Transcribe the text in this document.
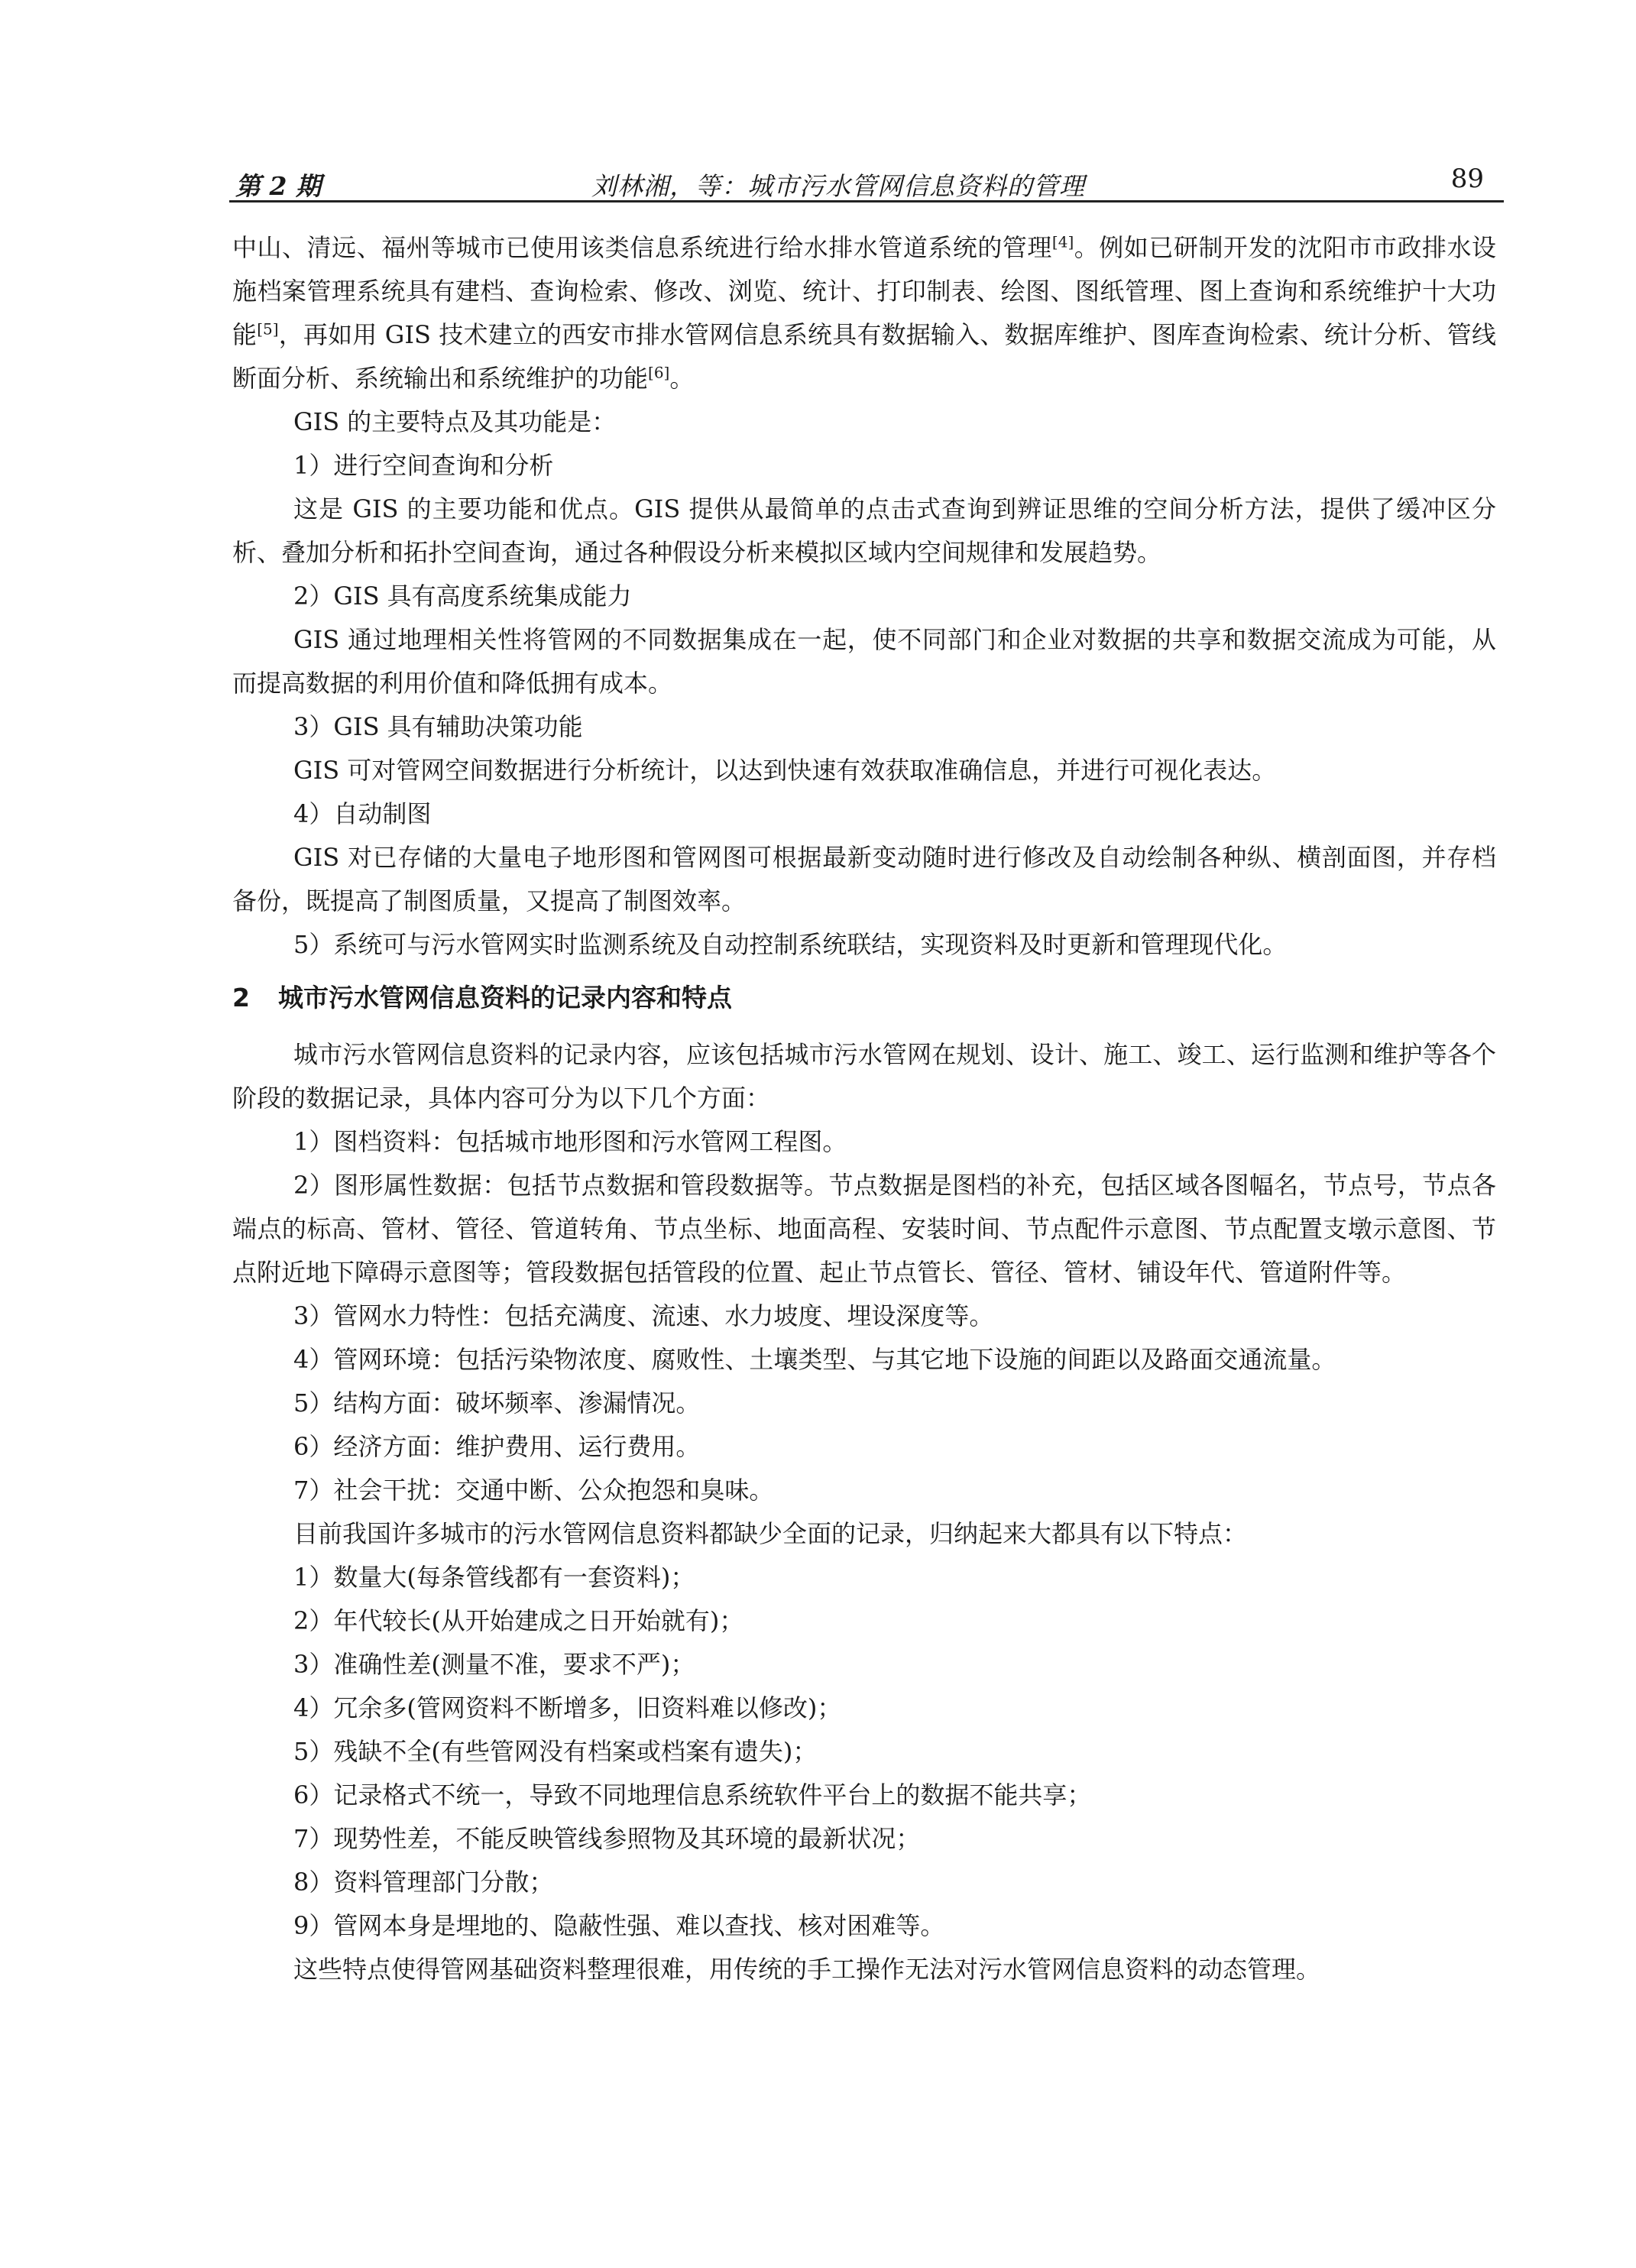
第 2 期	刘林湘，等：城市污水管网信息资料的管理	89

中山、清远、福州等城市已使用该类信息系统进行给水排水管道系统的管理[4]。例如已研制开发的沈阳市市政排水设施档案管理系统具有建档、查询检索、修改、浏览、统计、打印制表、绘图、图纸管理、图上查询和系统维护十大功能[5]，再如用 GIS 技术建立的西安市排水管网信息系统具有数据输入、数据库维护、图库查询检索、统计分析、管线断面分析、系统输出和系统维护的功能[6]。

GIS 的主要特点及其功能是：

1）进行空间查询和分析

这是 GIS 的主要功能和优点。GIS 提供从最简单的点击式查询到辨证思维的空间分析方法，提供了缓冲区分析、叠加分析和拓扑空间查询，通过各种假设分析来模拟区域内空间规律和发展趋势。

2）GIS 具有高度系统集成能力

GIS 通过地理相关性将管网的不同数据集成在一起，使不同部门和企业对数据的共享和数据交流成为可能，从而提高数据的利用价值和降低拥有成本。

3）GIS 具有辅助决策功能

GIS 可对管网空间数据进行分析统计，以达到快速有效获取准确信息，并进行可视化表达。

4）自动制图

GIS 对已存储的大量电子地形图和管网图可根据最新变动随时进行修改及自动绘制各种纵、横剖面图，并存档备份，既提高了制图质量，又提高了制图效率。

5）系统可与污水管网实时监测系统及自动控制系统联结，实现资料及时更新和管理现代化。

2 城市污水管网信息资料的记录内容和特点

城市污水管网信息资料的记录内容，应该包括城市污水管网在规划、设计、施工、竣工、运行监测和维护等各个阶段的数据记录，具体内容可分为以下几个方面：

1）图档资料：包括城市地形图和污水管网工程图。

2）图形属性数据：包括节点数据和管段数据等。节点数据是图档的补充，包括区域各图幅名，节点号，节点各端点的标高、管材、管径、管道转角、节点坐标、地面高程、安装时间、节点配件示意图、节点配置支墩示意图、节点附近地下障碍示意图等；管段数据包括管段的位置、起止节点管长、管径、管材、铺设年代、管道附件等。

3）管网水力特性：包括充满度、流速、水力坡度、埋设深度等。

4）管网环境：包括污染物浓度、腐败性、土壤类型、与其它地下设施的间距以及路面交通流量。

5）结构方面：破坏频率、渗漏情况。

6）经济方面：维护费用、运行费用。

7）社会干扰：交通中断、公众抱怨和臭味。

目前我国许多城市的污水管网信息资料都缺少全面的记录，归纳起来大都具有以下特点：

1）数量大(每条管线都有一套资料)；

2）年代较长(从开始建成之日开始就有)；

3）准确性差(测量不准，要求不严)；

4）冗余多(管网资料不断增多，旧资料难以修改)；

5）残缺不全(有些管网没有档案或档案有遗失)；

6）记录格式不统一，导致不同地理信息系统软件平台上的数据不能共享；

7）现势性差，不能反映管线参照物及其环境的最新状况；

8）资料管理部门分散；

9）管网本身是埋地的、隐蔽性强、难以查找、核对困难等。

这些特点使得管网基础资料整理很难，用传统的手工操作无法对污水管网信息资料的动态管理。
